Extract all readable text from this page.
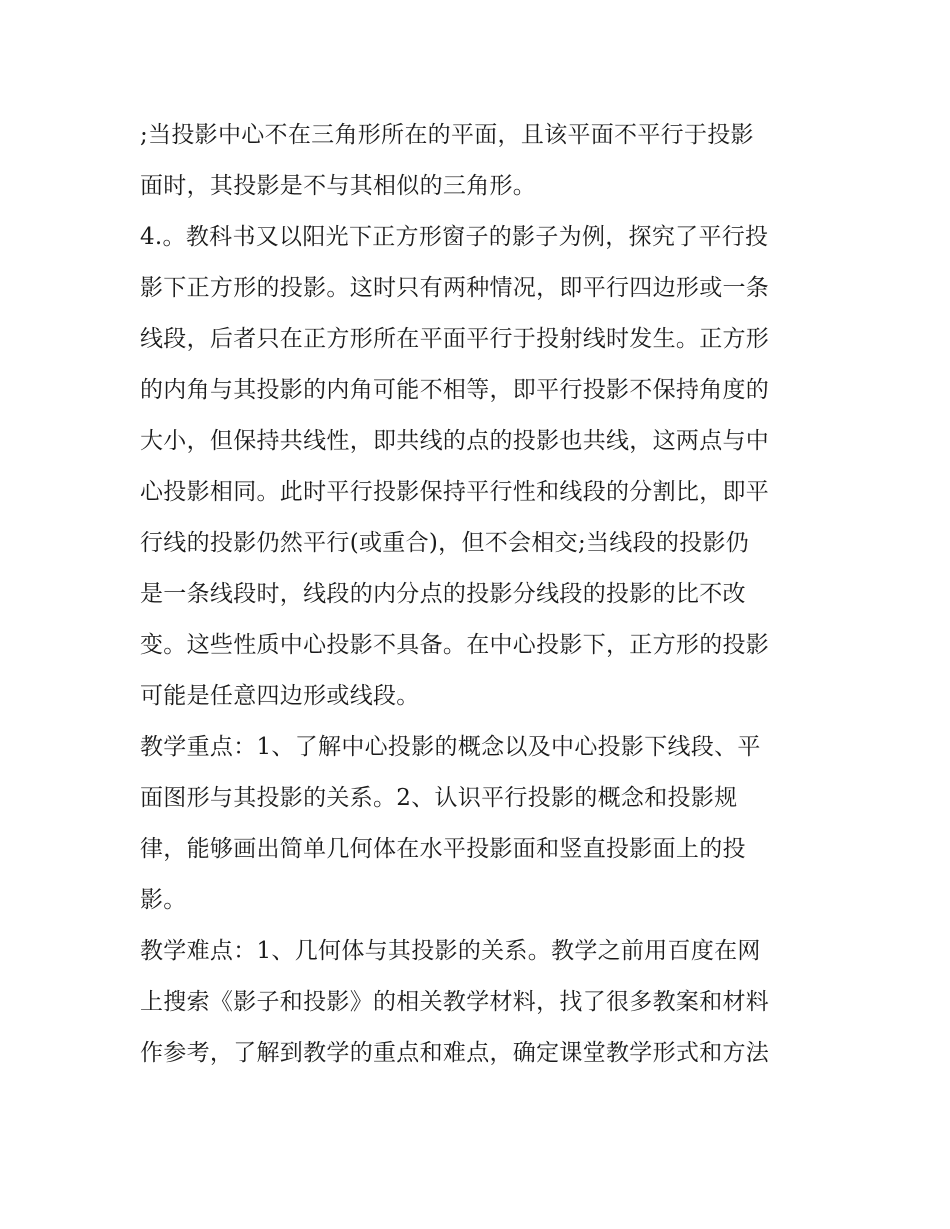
;当投影中心不在三角形所在的平面，且该平面不平行于投影
面时，其投影是不与其相似的三角形。
4.。教科书又以阳光下正方形窗子的影子为例，探究了平行投
影下正方形的投影。这时只有两种情况，即平行四边形或一条
线段，后者只在正方形所在平面平行于投射线时发生。正方形
的内角与其投影的内角可能不相等，即平行投影不保持角度的
大小，但保持共线性，即共线的点的投影也共线，这两点与中
心投影相同。此时平行投影保持平行性和线段的分割比，即平
行线的投影仍然平行(或重合)，但不会相交;当线段的投影仍
是一条线段时，线段的内分点的投影分线段的投影的比不改
变。这些性质中心投影不具备。在中心投影下，正方形的投影
可能是任意四边形或线段。
教学重点：1、了解中心投影的概念以及中心投影下线段、平
面图形与其投影的关系。2、认识平行投影的概念和投影规
律，能够画出简单几何体在水平投影面和竖直投影面上的投
影。
教学难点：1、几何体与其投影的关系。教学之前用百度在网
上搜索《影子和投影》的相关教学材料，找了很多教案和材料
作参考，了解到教学的重点和难点，确定课堂教学形式和方法
